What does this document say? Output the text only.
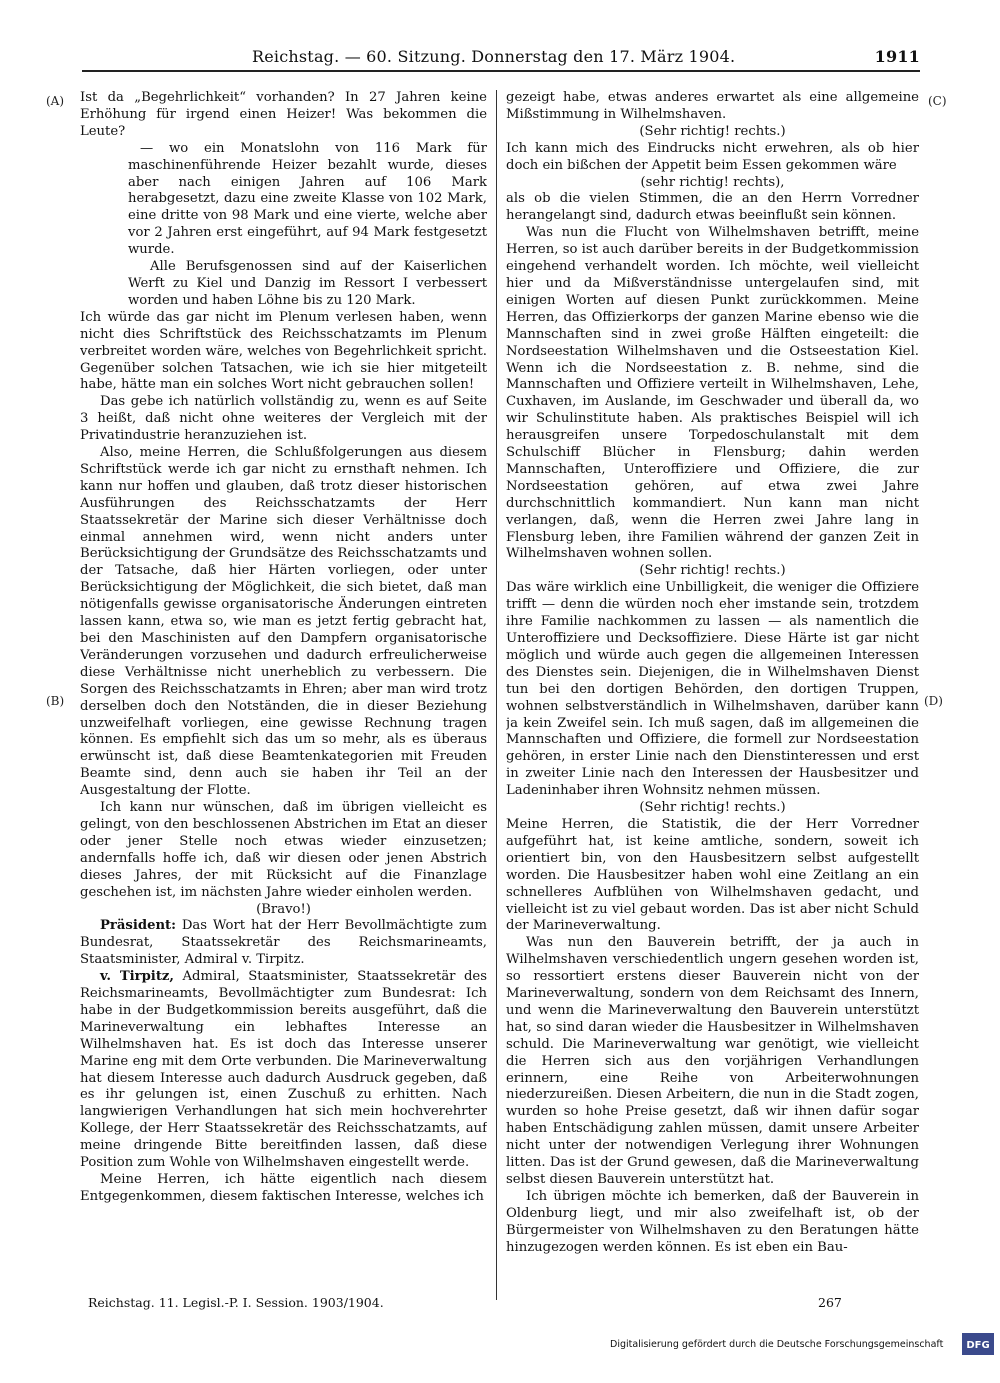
Reichstag. — 60. Sitzung. Donnerstag den 17. März 1904.	1911
(A)
(B)
(C)
(D)

Ist da „Begehrlichkeit“ vorhanden? In 27 Jahren keine Erhöhung für irgend einen Heizer! Was bekommen die Leute?

— wo ein Monatslohn von 116 Mark für maschinenführende Heizer bezahlt wurde, dieses aber nach einigen Jahren auf 106 Mark herabgesetzt, dazu eine zweite Klasse von 102 Mark, eine dritte von 98 Mark und eine vierte, welche aber vor 2 Jahren erst eingeführt, auf 94 Mark festgesetzt wurde.

Alle Berufsgenossen sind auf der Kaiserlichen Werft zu Kiel und Danzig im Ressort I verbessert worden und haben Löhne bis zu 120 Mark.

Ich würde das gar nicht im Plenum verlesen haben, wenn nicht dies Schriftstück des Reichsschatzamts im Plenum verbreitet worden wäre, welches von Begehrlichkeit spricht. Gegenüber solchen Tatsachen, wie ich sie hier mitgeteilt habe, hätte man ein solches Wort nicht gebrauchen sollen!

Das gebe ich natürlich vollständig zu, wenn es auf Seite 3 heißt, daß nicht ohne weiteres der Vergleich mit der Privatindustrie heranzuziehen ist.

Also, meine Herren, die Schlußfolgerungen aus diesem Schriftstück werde ich gar nicht zu ernsthaft nehmen. Ich kann nur hoffen und glauben, daß trotz dieser historischen Ausführungen des Reichsschatzamts der Herr Staatssekretär der Marine sich dieser Verhältnisse doch einmal annehmen wird, wenn nicht anders unter Berücksichtigung der Grundsätze des Reichsschatzamts und der Tatsache, daß hier Härten vorliegen, oder unter Berücksichtigung der Möglichkeit, die sich bietet, daß man nötigenfalls gewisse organisatorische Änderungen eintreten lassen kann, etwa so, wie man es jetzt fertig gebracht hat, bei den Maschinisten auf den Dampfern organisatorische Veränderungen vorzusehen und dadurch erfreulicherweise diese Verhältnisse nicht unerheblich zu verbessern. Die Sorgen des Reichsschatzamts in Ehren; aber man wird trotz derselben doch den Notständen, die in dieser Beziehung unzweifelhaft vorliegen, eine gewisse Rechnung tragen können. Es empfiehlt sich das um so mehr, als es überaus erwünscht ist, daß diese Beamtenkategorien mit Freuden Beamte sind, denn auch sie haben ihr Teil an der Ausgestaltung der Flotte.

Ich kann nur wünschen, daß im übrigen vielleicht es gelingt, von den beschlossenen Abstrichen im Etat an dieser oder jener Stelle noch etwas wieder einzusetzen; andernfalls hoffe ich, daß wir diesen oder jenen Abstrich dieses Jahres, der mit Rücksicht auf die Finanzlage geschehen ist, im nächsten Jahre wieder einholen werden.

(Bravo!)

Präsident: Das Wort hat der Herr Bevollmächtigte zum Bundesrat, Staatssekretär des Reichsmarineamts, Staatsminister, Admiral v. Tirpitz.

v. Tirpitz, Admiral, Staatsminister, Staatssekretär des Reichsmarineamts, Bevollmächtigter zum Bundesrat: Ich habe in der Budgetkommission bereits ausgeführt, daß die Marineverwaltung ein lebhaftes Interesse an Wilhelmshaven hat. Es ist doch das Interesse unserer Marine eng mit dem Orte verbunden. Die Marineverwaltung hat diesem Interesse auch dadurch Ausdruck gegeben, daß es ihr gelungen ist, einen Zuschuß zu erhitten. Nach langwierigen Verhandlungen hat sich mein hochverehrter Kollege, der Herr Staatssekretär des Reichsschatzamts, auf meine dringende Bitte bereitfinden lassen, daß diese Position zum Wohle von Wilhelmshaven eingestellt werde.

Meine Herren, ich hätte eigentlich nach diesem Entgegenkommen, diesem faktischen Interesse, welches ich

gezeigt habe, etwas anderes erwartet als eine allgemeine Mißstimmung in Wilhelmshaven.

(Sehr richtig! rechts.)

Ich kann mich des Eindrucks nicht erwehren, als ob hier doch ein bißchen der Appetit beim Essen gekommen wäre

(sehr richtig! rechts),

als ob die vielen Stimmen, die an den Herrn Vorredner herangelangt sind, dadurch etwas beeinflußt sein können.

Was nun die Flucht von Wilhelmshaven betrifft, meine Herren, so ist auch darüber bereits in der Budgetkommission eingehend verhandelt worden. Ich möchte, weil vielleicht hier und da Mißverständnisse untergelaufen sind, mit einigen Worten auf diesen Punkt zurückkommen. Meine Herren, das Offizierkorps der ganzen Marine ebenso wie die Mannschaften sind in zwei große Hälften eingeteilt: die Nordseestation Wilhelmshaven und die Ostseestation Kiel. Wenn ich die Nordseestation z. B. nehme, sind die Mannschaften und Offiziere verteilt in Wilhelmshaven, Lehe, Cuxhaven, im Auslande, im Geschwader und überall da, wo wir Schulinstitute haben. Als praktisches Beispiel will ich herausgreifen unsere Torpedoschulanstalt mit dem Schulschiff Blücher in Flensburg; dahin werden Mannschaften, Unteroffiziere und Offiziere, die zur Nordseestation gehören, auf etwa zwei Jahre durchschnittlich kommandiert. Nun kann man nicht verlangen, daß, wenn die Herren zwei Jahre lang in Flensburg leben, ihre Familien während der ganzen Zeit in Wilhelmshaven wohnen sollen.

(Sehr richtig! rechts.)

Das wäre wirklich eine Unbilligkeit, die weniger die Offiziere trifft — denn die würden noch eher imstande sein, trotzdem ihre Familie nachkommen zu lassen — als namentlich die Unteroffiziere und Decksoffiziere. Diese Härte ist gar nicht möglich und würde auch gegen die allgemeinen Interessen des Dienstes sein. Diejenigen, die in Wilhelmshaven Dienst tun bei den dortigen Behörden, den dortigen Truppen, wohnen selbstverständlich in Wilhelmshaven, darüber kann ja kein Zweifel sein. Ich muß sagen, daß im allgemeinen die Mannschaften und Offiziere, die formell zur Nordseestation gehören, in erster Linie nach den Dienstinteressen und erst in zweiter Linie nach den Interessen der Hausbesitzer und Ladeninhaber ihren Wohnsitz nehmen müssen.

(Sehr richtig! rechts.)

Meine Herren, die Statistik, die der Herr Vorredner aufgeführt hat, ist keine amtliche, sondern, soweit ich orientiert bin, von den Hausbesitzern selbst aufgestellt worden. Die Hausbesitzer haben wohl eine Zeitlang an ein schnelleres Aufblühen von Wilhelmshaven gedacht, und vielleicht ist zu viel gebaut worden. Das ist aber nicht Schuld der Marineverwaltung.

Was nun den Bauverein betrifft, der ja auch in Wilhelmshaven verschiedentlich ungern gesehen worden ist, so ressortiert erstens dieser Bauverein nicht von der Marineverwaltung, sondern von dem Reichsamt des Innern, und wenn die Marineverwaltung den Bauverein unterstützt hat, so sind daran wieder die Hausbesitzer in Wilhelmshaven schuld. Die Marineverwaltung war genötigt, wie vielleicht die Herren sich aus den vorjährigen Verhandlungen erinnern, eine Reihe von Arbeiterwohnungen niederzureißen. Diesen Arbeitern, die nun in die Stadt zogen, wurden so hohe Preise gesetzt, daß wir ihnen dafür sogar haben Entschädigung zahlen müssen, damit unsere Arbeiter nicht unter der notwendigen Verlegung ihrer Wohnungen litten. Das ist der Grund gewesen, daß die Marineverwaltung selbst diesen Bauverein unterstützt hat.

Ich übrigen möchte ich bemerken, daß der Bauverein in Oldenburg liegt, und mir also zweifelhaft ist, ob der Bürgermeister von Wilhelmshaven zu den Beratungen hätte hinzugezogen werden können. Es ist eben ein Bau-

Reichstag. 11. Legisl.-P. I. Session. 1903/1904.	267
Digitalisierung gefördert durch die Deutsche Forschungsgemeinschaft DFG
